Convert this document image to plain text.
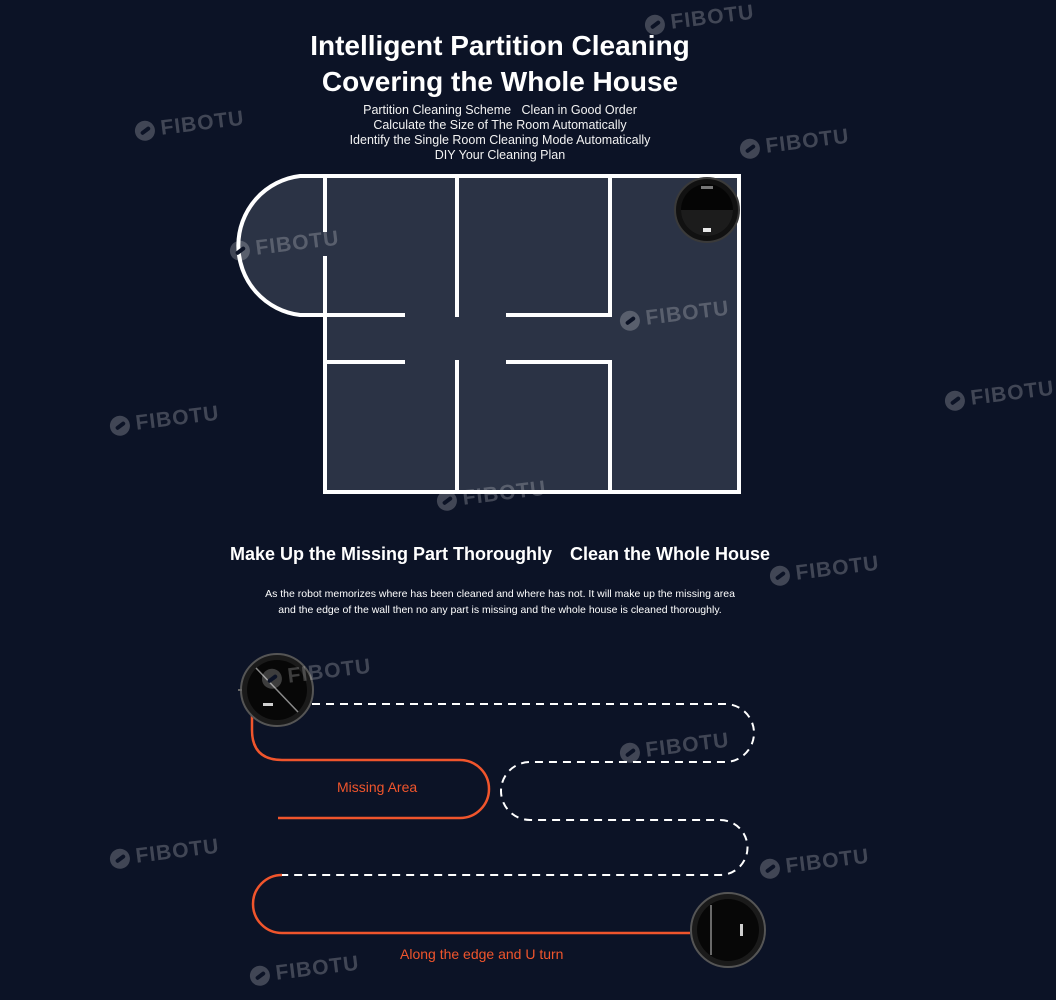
Intelligent Partition Cleaning
Covering the Whole House
Partition Cleaning Scheme   Clean in Good Order
Calculate the Size of The Room Automatically
Identify the Single Room Cleaning Mode Automatically
DIY Your Cleaning Plan
Make Up the Missing Part Thoroughly Clean the Whole House
As the robot memorizes where has been cleaned and where has not. It will make up the missing area
and the edge of the wall then no any part is missing and the whole house is cleaned thoroughly.
Missing Area
Along the edge and U turn
FIBOTU
FIBOTU
FIBOTU
FIBOTU
FIBOTU
FIBOTU
FIBOTU
FIBOTU
FIBOTU
FIBOTU
FIBOTU
FIBOTU	FIBOTU
FIBOTU
